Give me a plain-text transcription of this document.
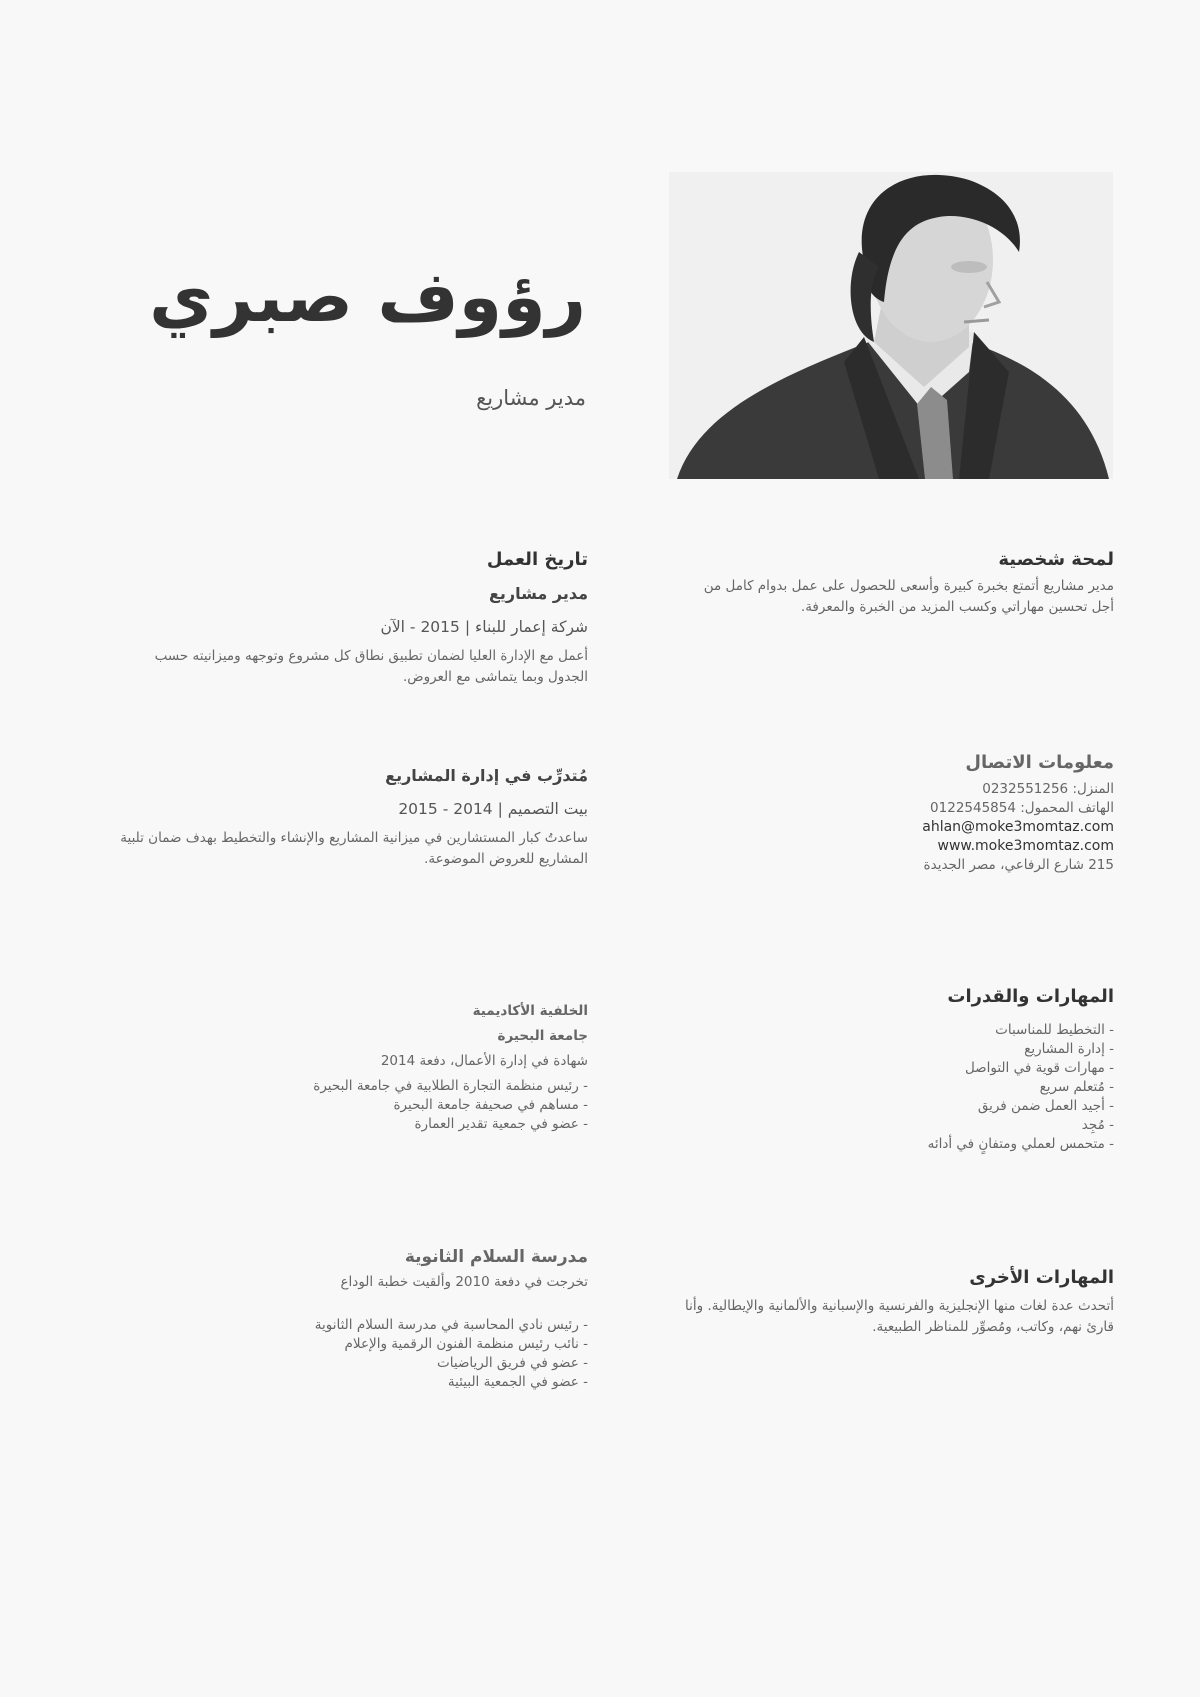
رؤوف صبري
مدير مشاريع
لمحة شخصية
مدير مشاريع أتمتع بخبرة كبيرة وأسعى للحصول على عمل بدوام كامل من أجل تحسين مهاراتي وكسب المزيد من الخبرة والمعرفة.
تاريخ العمل
مدير مشاريع
شركة إعمار للبناء | 2015 - الآن
أعمل مع الإدارة العليا لضمان تطبيق نطاق كل مشروع وتوجهه وميزانيته حسب الجدول وبما يتماشى مع العروض.
مُتدرِّب في إدارة المشاريع
بيت التصميم | 2014 - 2015
ساعدتُ كبار المستشارين في ميزانية المشاريع والإنشاء والتخطيط بهدف ضمان تلبية المشاريع للعروض الموضوعة.
معلومات الاتصال
المنزل: 0232551256
الهاتف المحمول: 0122545854
ahlan@moke3momtaz.com
www.moke3momtaz.com
215 شارع الرفاعي، مصر الجديدة
المهارات والقدرات
- التخطيط للمناسبات
- إدارة المشاريع
- مهارات قوية في التواصل
- مُتعلم سريع
- أجيد العمل ضمن فريق
- مُجِد
- متحمس لعملي ومتفانٍ في أدائه
الخلفية الأكاديمية
جامعة البحيرة
شهادة في إدارة الأعمال، دفعة 2014
- رئيس منظمة التجارة الطلابية في جامعة البحيرة
- مساهم في صحيفة جامعة البحيرة
- عضو في جمعية تقدير العمارة
المهارات الأخرى
أتحدث عدة لغات منها الإنجليزية والفرنسية والإسبانية والألمانية والإيطالية. وأنا قارئ نهم، وكاتب، ومُصوِّر للمناظر الطبيعية.
مدرسة السلام الثانوية
تخرجت في دفعة 2010 وألقيت خطبة الوداع
- رئيس نادي المحاسبة في مدرسة السلام الثانوية
- نائب رئيس منظمة الفنون الرقمية والإعلام
- عضو في فريق الرياضيات
- عضو في الجمعية البيئية
